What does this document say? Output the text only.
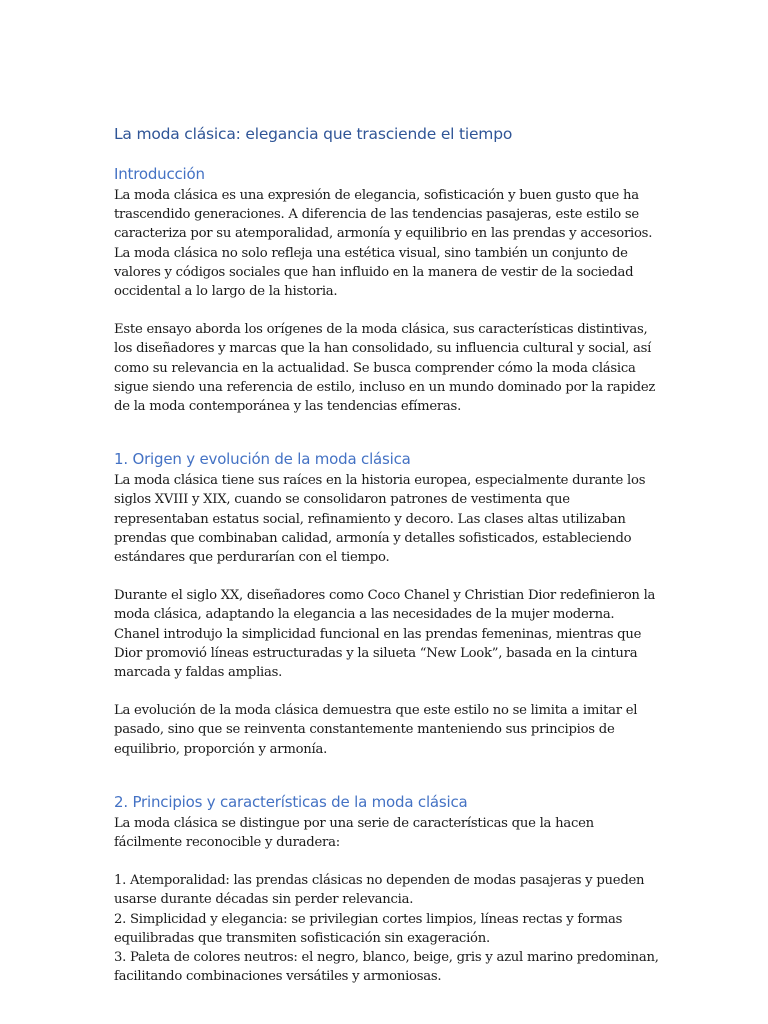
La moda clásica: elegancia que trasciende el tiempo
Introducción

La moda clásica es una expresión de elegancia, sofisticación y buen gusto que ha trascendido generaciones. A diferencia de las tendencias pasajeras, este estilo se caracteriza por su atemporalidad, armonía y equilibrio en las prendas y accesorios. La moda clásica no solo refleja una estética visual, sino también un conjunto de valores y códigos sociales que han influido en la manera de vestir de la sociedad occidental a lo largo de la historia.

Este ensayo aborda los orígenes de la moda clásica, sus características distintivas, los diseñadores y marcas que la han consolidado, su influencia cultural y social, así como su relevancia en la actualidad. Se busca comprender cómo la moda clásica sigue siendo una referencia de estilo, incluso en un mundo dominado por la rapidez de la moda contemporánea y las tendencias efímeras.

1. Origen y evolución de la moda clásica

La moda clásica tiene sus raíces en la historia europea, especialmente durante los siglos XVIII y XIX, cuando se consolidaron patrones de vestimenta que representaban estatus social, refinamiento y decoro. Las clases altas utilizaban prendas que combinaban calidad, armonía y detalles sofisticados, estableciendo estándares que perdurarían con el tiempo.

Durante el siglo XX, diseñadores como Coco Chanel y Christian Dior redefinieron la moda clásica, adaptando la elegancia a las necesidades de la mujer moderna. Chanel introdujo la simplicidad funcional en las prendas femeninas, mientras que Dior promovió líneas estructuradas y la silueta “New Look”, basada en la cintura marcada y faldas amplias.

La evolución de la moda clásica demuestra que este estilo no se limita a imitar el pasado, sino que se reinventa constantemente manteniendo sus principios de equilibrio, proporción y armonía.

2. Principios y características de la moda clásica

La moda clásica se distingue por una serie de características que la hacen fácilmente reconocible y duradera:

1. Atemporalidad: las prendas clásicas no dependen de modas pasajeras y pueden usarse durante décadas sin perder relevancia.

2. Simplicidad y elegancia: se privilegian cortes limpios, líneas rectas y formas equilibradas que transmiten sofisticación sin exageración.

3. Paleta de colores neutros: el negro, blanco, beige, gris y azul marino predominan, facilitando combinaciones versátiles y armoniosas.
